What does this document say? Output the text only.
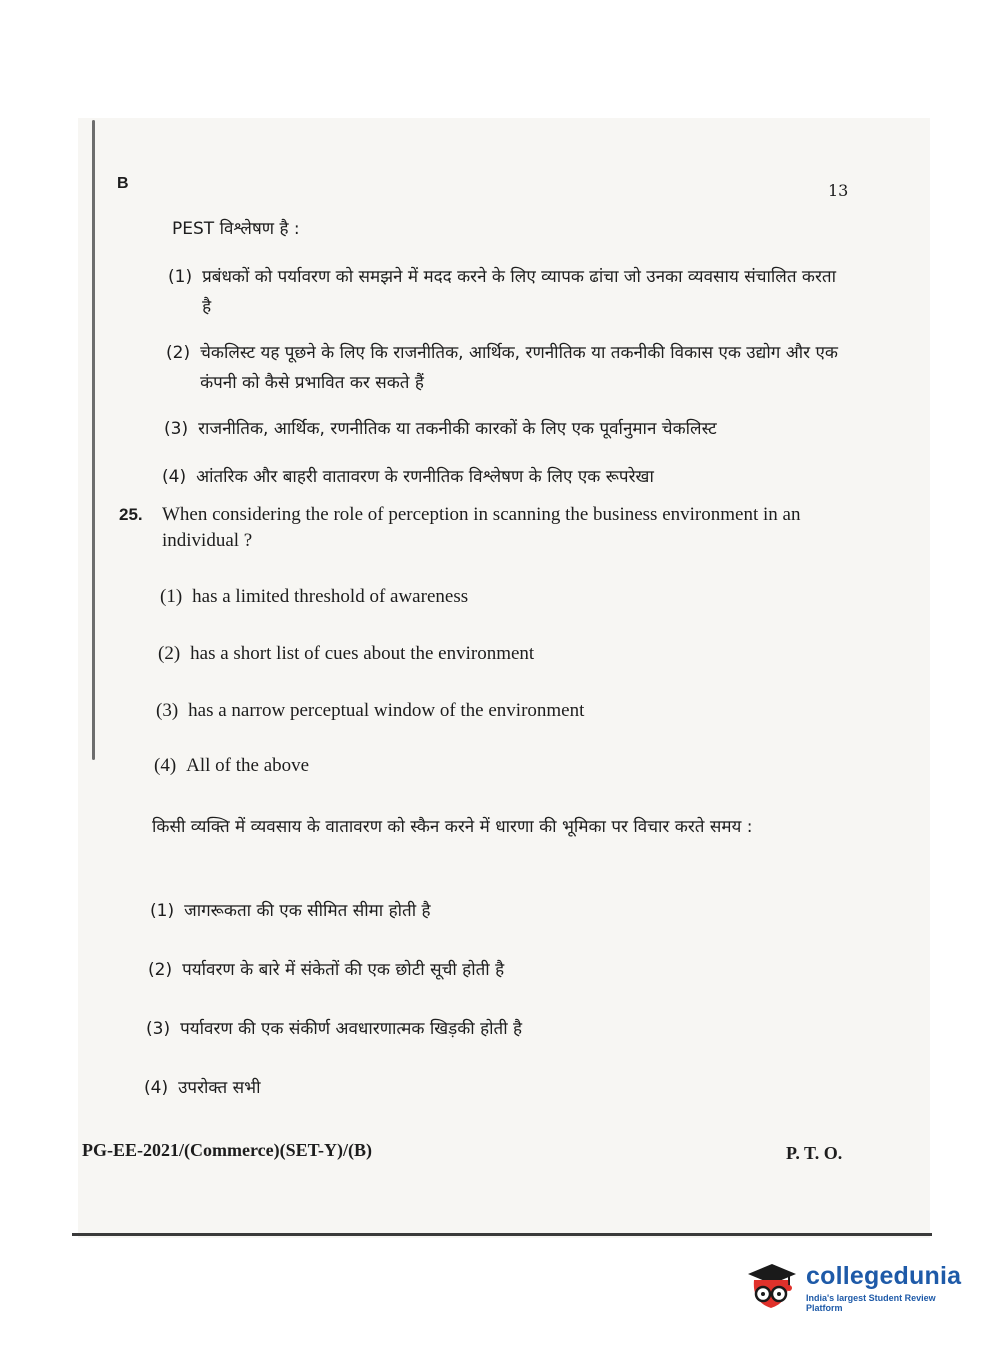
B	13
PEST विश्लेषण है :
(1) प्रबंधकों को पर्यावरण को समझने में मदद करने के लिए व्यापक ढांचा जो उनका व्यवसाय संचालित करता है
(2) चेकलिस्ट यह पूछने के लिए कि राजनीतिक, आर्थिक, रणनीतिक या तकनीकी विकास एक उद्योग और एक कंपनी को कैसे प्रभावित कर सकते हैं
(3) राजनीतिक, आर्थिक, रणनीतिक या तकनीकी कारकों के लिए एक पूर्वानुमान चेकलिस्ट
(4) आंतरिक और बाहरी वातावरण के रणनीतिक विश्लेषण के लिए एक रूपरेखा
25. When considering the role of perception in scanning the business environment in an individual ?
(1) has a limited threshold of awareness
(2) has a short list of cues about the environment
(3) has a narrow perceptual window of the environment
(4) All of the above
किसी व्यक्ति में व्यवसाय के वातावरण को स्कैन करने में धारणा की भूमिका पर विचार करते समय :
(1) जागरूकता की एक सीमित सीमा होती है
(2) पर्यावरण के बारे में संकेतों की एक छोटी सूची होती है
(3) पर्यावरण की एक संकीर्ण अवधारणात्मक खिड़की होती है
(4) उपरोक्त सभी
PG-EE-2021/(Commerce)(SET-Y)/(B)	P. T. O.
collegedunia
India's largest Student Review Platform
